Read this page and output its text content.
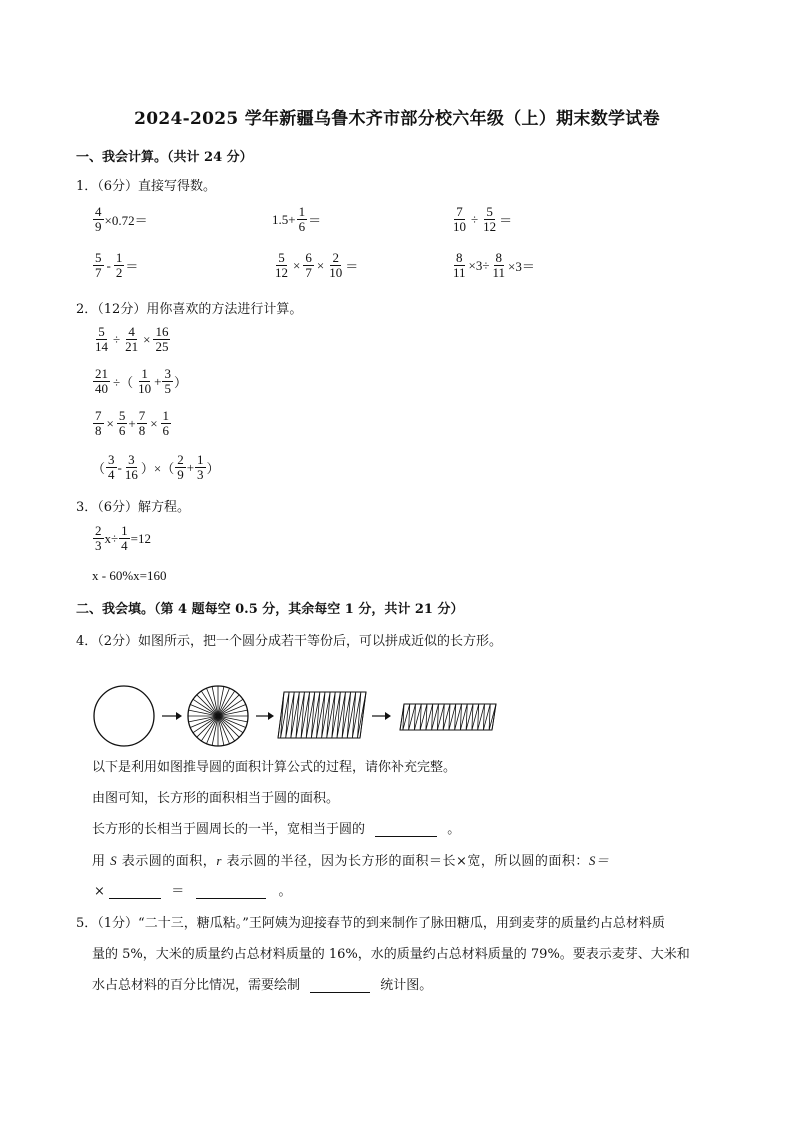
2024-2025 学年新疆乌鲁木齐市部分校六年级（上）期末数学试卷
一、我会计算。（共计 24 分）
1．（6分）直接写得数。
$\frac{4}{9} \times 0.72=$	$1.5+ \frac{1}{6}$ ＝	$\frac{7}{10} \div \frac{5}{12}$ ＝
$\frac{5}{7} - \frac{1}{2}$ ＝	$\frac{5}{12} \times \frac{6}{7} \times \frac{2}{10}$ ＝	$\frac{8}{11} \times 3\div \frac{8}{11} \times 3=$
2．（12分）用你喜欢的方法进行计算。
$\frac{5}{14} \div \frac{4}{21} \times \frac{16}{25}$
$\frac{21}{40}$ ÷（ $\frac{1}{10} + \frac{3}{5}$ ）
$\frac{7}{8} \times \frac{5}{6} + \frac{7}{8} \times \frac{1}{6}$
（ $\frac{3}{4} - \frac{3}{16}$ ）×（ $\frac{2}{9} + \frac{1}{3}$ ）
3．（6分）解方程。
$\frac{2}{3} x\div \frac{1}{4} =12$
x - 60%x=160
二、我会填。（第 4 题每空 0.5 分，其余每空 1 分，共计 21 分）
4．（2分）如图所示，把一个圆分成若干等份后，可以拼成近似的长方形。
以下是利用如图推导圆的面积计算公式的过程，请你补充完整。
由图可知，长方形的面积相当于圆的面积。
长方形的长相当于圆周长的一半，宽相当于圆的	。
用 S 表示圆的面积，r 表示圆的半径，因为长方形的面积＝长×宽，所以圆的面积：S＝
×	＝	。
5．（1分）“二十三，糖瓜粘。”王阿姨为迎接春节的到来制作了脉田糖瓜，用到麦芽的质量约占总材料质
量的 5%，大米的质量约占总材料质量的 16%，水的质量约占总材料质量的 79%。要表示麦芽、大米和
水占总材料的百分比情况，需要绘制	统计图。
